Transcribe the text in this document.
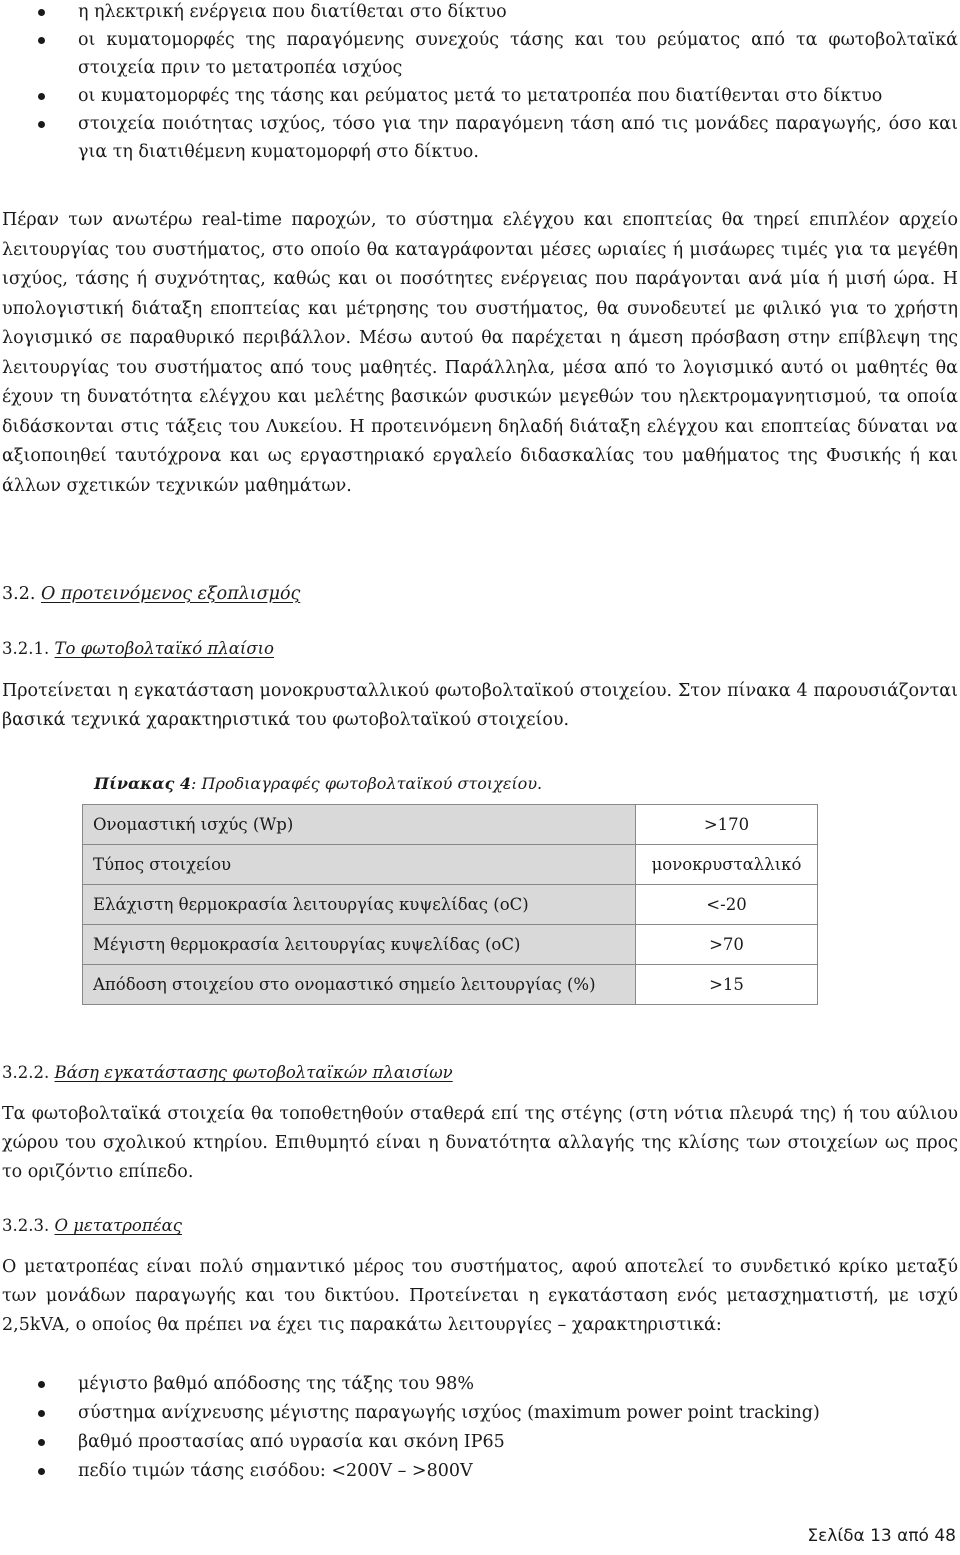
η ηλεκτρική ενέργεια που διατίθεται στο δίκτυο
οι κυματομορφές της παραγόμενης συνεχούς τάσης και του ρεύματος από τα φωτοβολταϊκά στοιχεία πριν το μετατροπέα ισχύος
οι κυματομορφές της τάσης και ρεύματος μετά το μετατροπέα που διατίθενται στο δίκτυο
στοιχεία ποιότητας ισχύος, τόσο για την παραγόμενη τάση από τις μονάδες παραγωγής, όσο και για τη διατιθέμενη κυματομορφή στο δίκτυο.

Πέραν των ανωτέρω real-time παροχών, το σύστημα ελέγχου και εποπτείας θα τηρεί επιπλέον αρχείο λειτουργίας του συστήματος, στο οποίο θα καταγράφονται μέσες ωριαίες ή μισάωρες τιμές για τα μεγέθη ισχύος, τάσης ή συχνότητας, καθώς και οι ποσότητες ενέργειας που παράγονται ανά μία ή μισή ώρα. Η υπολογιστική διάταξη εποπτείας και μέτρησης του συστήματος, θα συνοδευτεί με φιλικό για το χρήστη λογισμικό σε παραθυρικό περιβάλλον. Μέσω αυτού θα παρέχεται η άμεση πρόσβαση στην επίβλεψη της λειτουργίας του συστήματος από τους μαθητές. Παράλληλα, μέσα από το λογισμικό αυτό οι μαθητές θα έχουν τη δυνατότητα ελέγχου και μελέτης βασικών φυσικών μεγεθών του ηλεκτρομαγνητισμού, τα οποία διδάσκονται στις τάξεις του Λυκείου. Η προτεινόμενη δηλαδή διάταξη ελέγχου και εποπτείας δύναται να αξιοποιηθεί ταυτόχρονα και ως εργαστηριακό εργαλείο διδασκαλίας του μαθήματος της Φυσικής ή και άλλων σχετικών τεχνικών μαθημάτων.

3.2. Ο προτεινόμενος εξοπλισμός

3.2.1. Το φωτοβολταϊκό πλαίσιο

Προτείνεται η εγκατάσταση μονοκρυσταλλικού φωτοβολταϊκού στοιχείου. Στον πίνακα 4 παρουσιάζονται βασικά τεχνικά χαρακτηριστικά του φωτοβολταϊκού στοιχείου.

Πίνακας 4: Προδιαγραφές φωτοβολταϊκού στοιχείου.

Ονομαστική ισχύς (Wp)	>170
Τύπος στοιχείου	μονοκρυσταλλικό
Ελάχιστη θερμοκρασία λειτουργίας κυψελίδας (οC)	<-20
Μέγιστη θερμοκρασία λειτουργίας κυψελίδας (οC)	>70
Απόδοση στοιχείου στο ονομαστικό σημείο λειτουργίας (%)	>15

3.2.2. Βάση εγκατάστασης φωτοβολταϊκών πλαισίων

Τα φωτοβολταϊκά στοιχεία θα τοποθετηθούν σταθερά επί της στέγης (στη νότια πλευρά της) ή του αύλιου χώρου του σχολικού κτηρίου. Επιθυμητό είναι η δυνατότητα αλλαγής της κλίσης των στοιχείων ως προς το οριζόντιο επίπεδο.

3.2.3. Ο μετατροπέας

Ο μετατροπέας είναι πολύ σημαντικό μέρος του συστήματος, αφού αποτελεί το συνδετικό κρίκο μεταξύ των μονάδων παραγωγής και του δικτύου. Προτείνεται η εγκατάσταση ενός μετασχηματιστή, με ισχύ 2,5kVA, ο οποίος θα πρέπει να έχει τις παρακάτω λειτουργίες – χαρακτηριστικά:

μέγιστο βαθμό απόδοσης της τάξης του 98%
σύστημα ανίχνευσης μέγιστης παραγωγής ισχύος (maximum power point tracking)
βαθμό προστασίας από υγρασία και σκόνη IP65
πεδίο τιμών τάσης εισόδου: <200V – >800V
Σελίδα 13 από 48
